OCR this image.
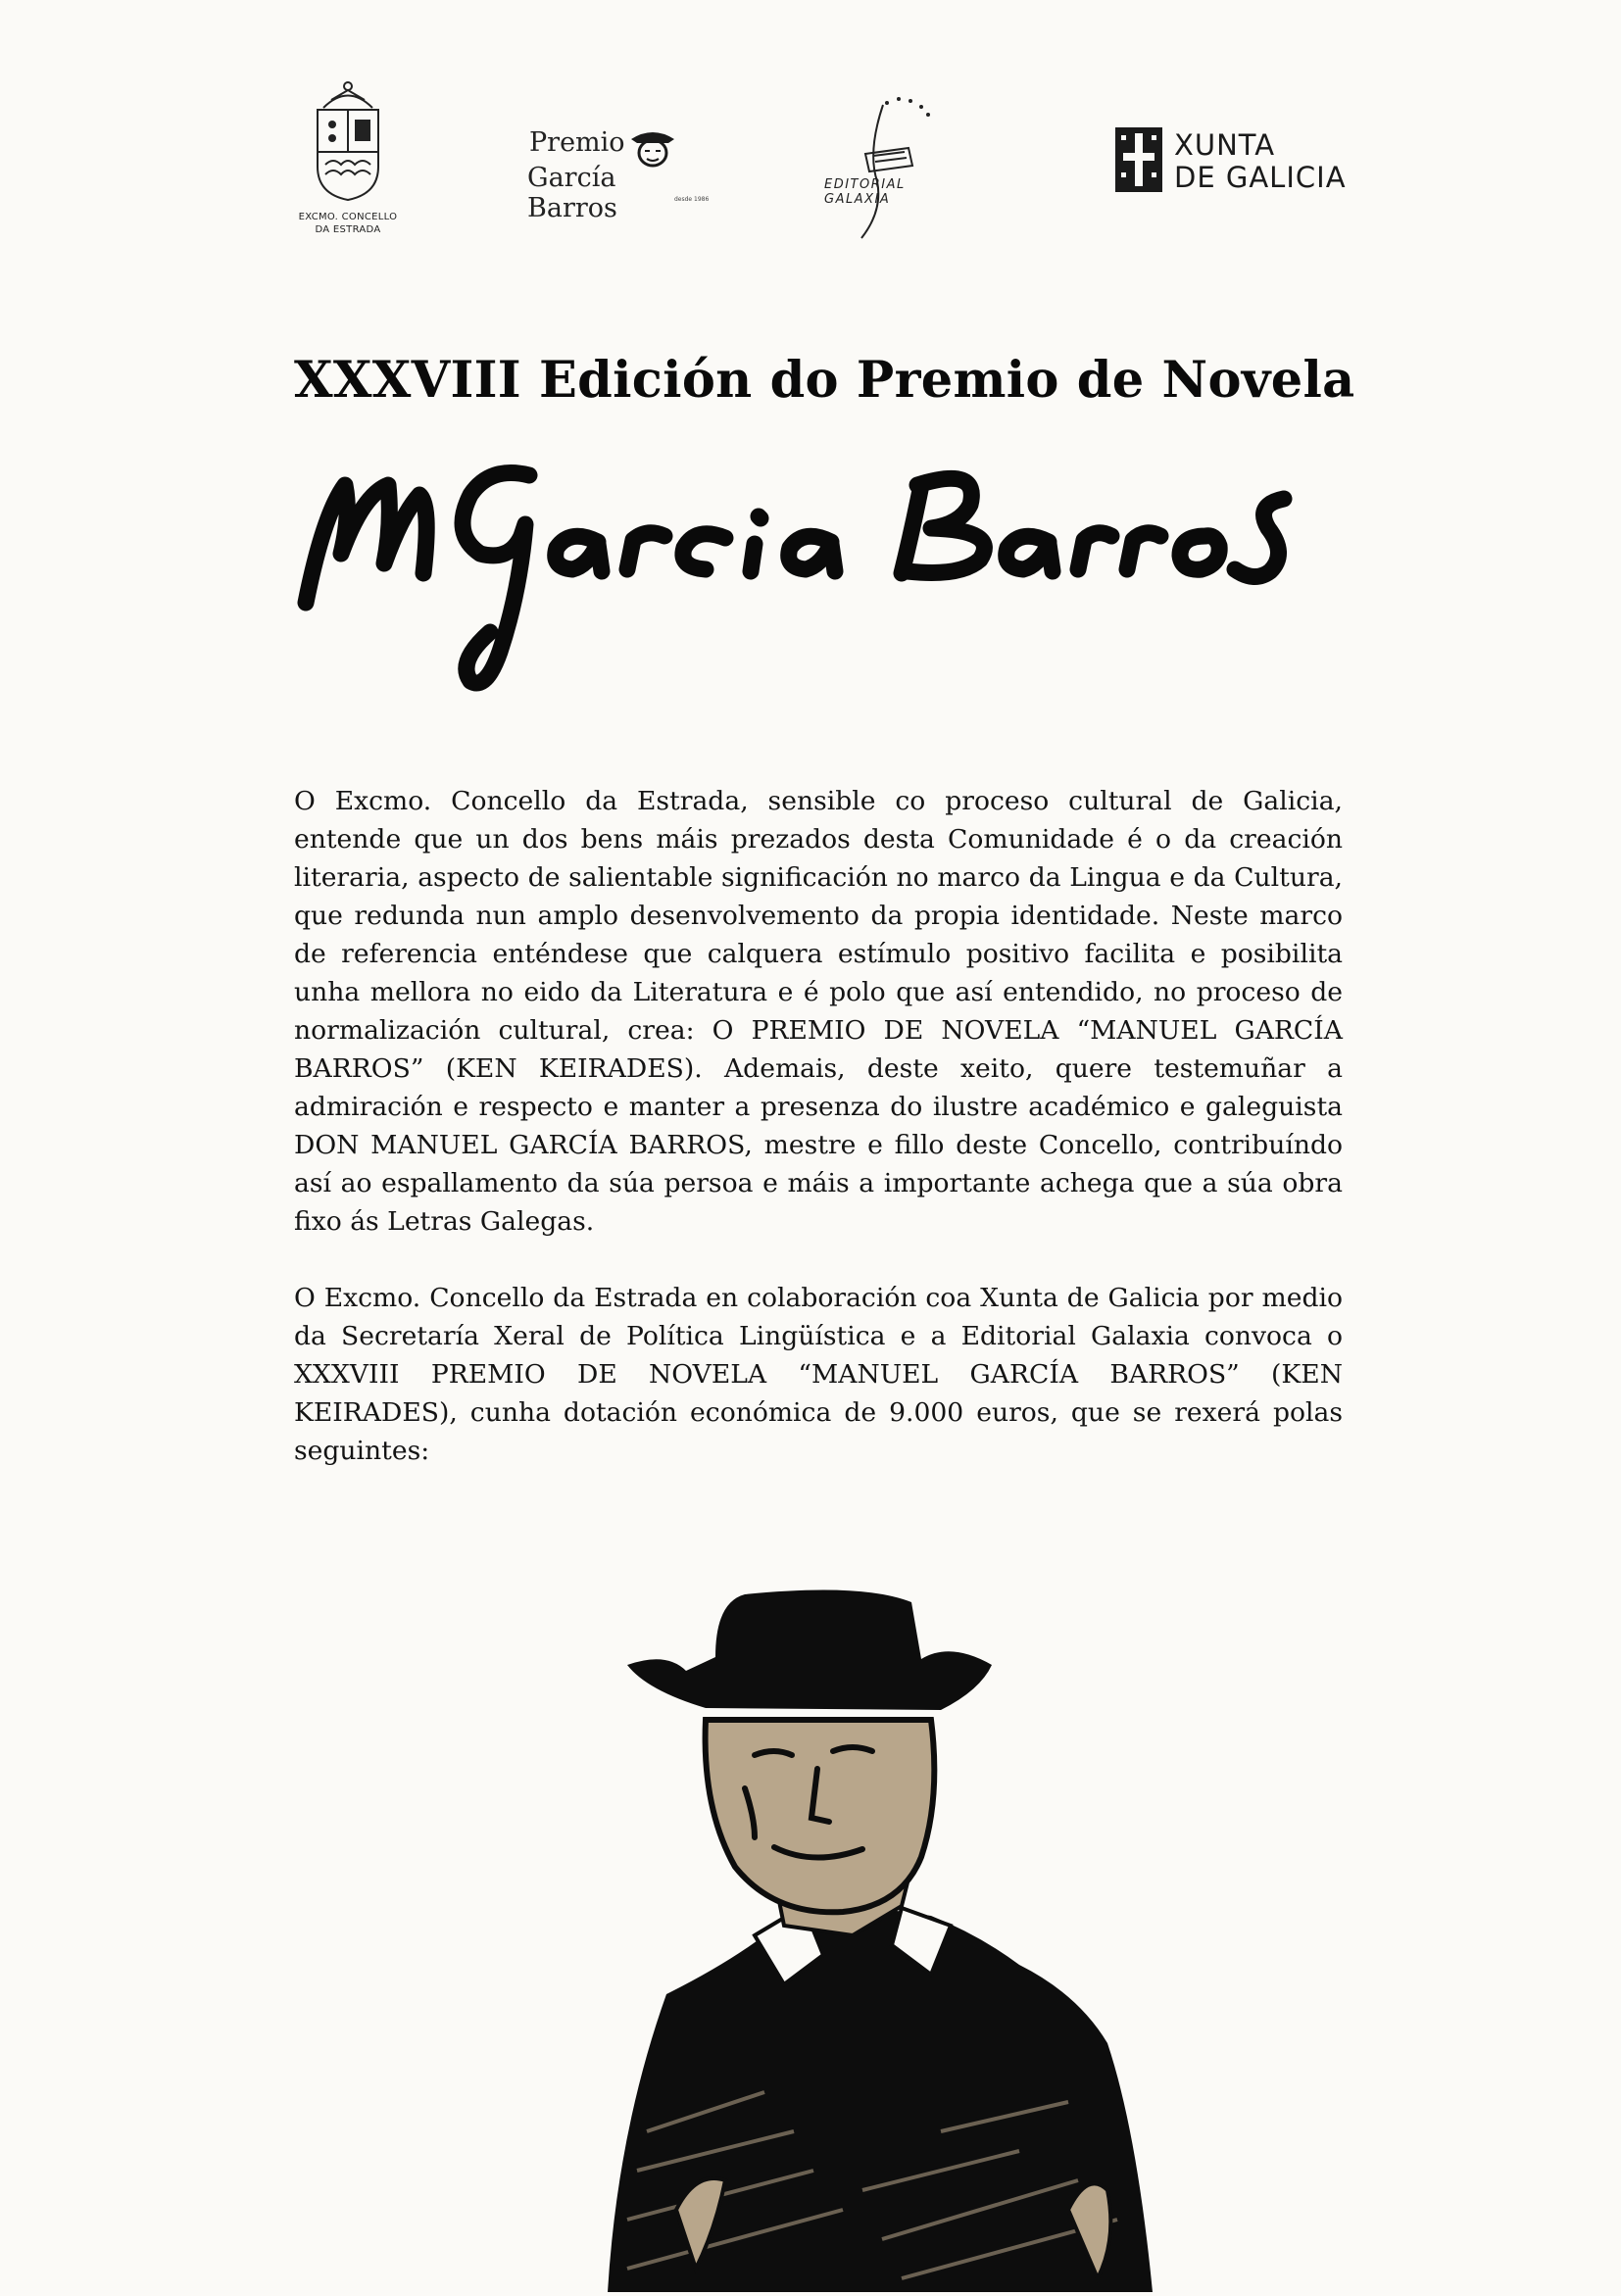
EXCMO. CONCELLO
DA ESTRADA
Premio
García Barros	desde 1986
EDITORIAL GALAXIA
XUNTA
DE GALICIA
XXXVIII Edición do Premio de Novela

O Excmo. Concello da Estrada, sensible co proceso cultural de Galicia, entende que un dos bens máis prezados desta Comunidade é o da creación literaria, aspecto de salientable significación no marco da Lingua e da Cultura, que redunda nun amplo desenvolvemento da propia identidade. Neste marco de referencia enténdese que calquera estímulo positivo facilita e posibilita unha mellora no eido da Literatura e é polo que así entendido, no proceso de normalización cultural, crea: O PREMIO DE NOVELA “MANUEL GARCÍA BARROS” (KEN KEIRADES). Ademais, deste xeito, quere testemuñar a admiración e respecto e manter a presenza do ilustre académico e galeguista DON MANUEL GARCÍA BARROS, mestre e fillo deste Concello, contribuíndo así ao espallamento da súa persoa e máis a importante achega que a súa obra fixo ás Letras Galegas.

O Excmo. Concello da Estrada en colaboración coa Xunta de Galicia por medio da Secretaría Xeral de Política Lingüística e a Editorial Galaxia convoca o XXXVIII PREMIO DE NOVELA “MANUEL GARCÍA BARROS” (KEN KEIRADES), cunha dotación económica de 9.000 euros, que se rexerá polas seguintes:
